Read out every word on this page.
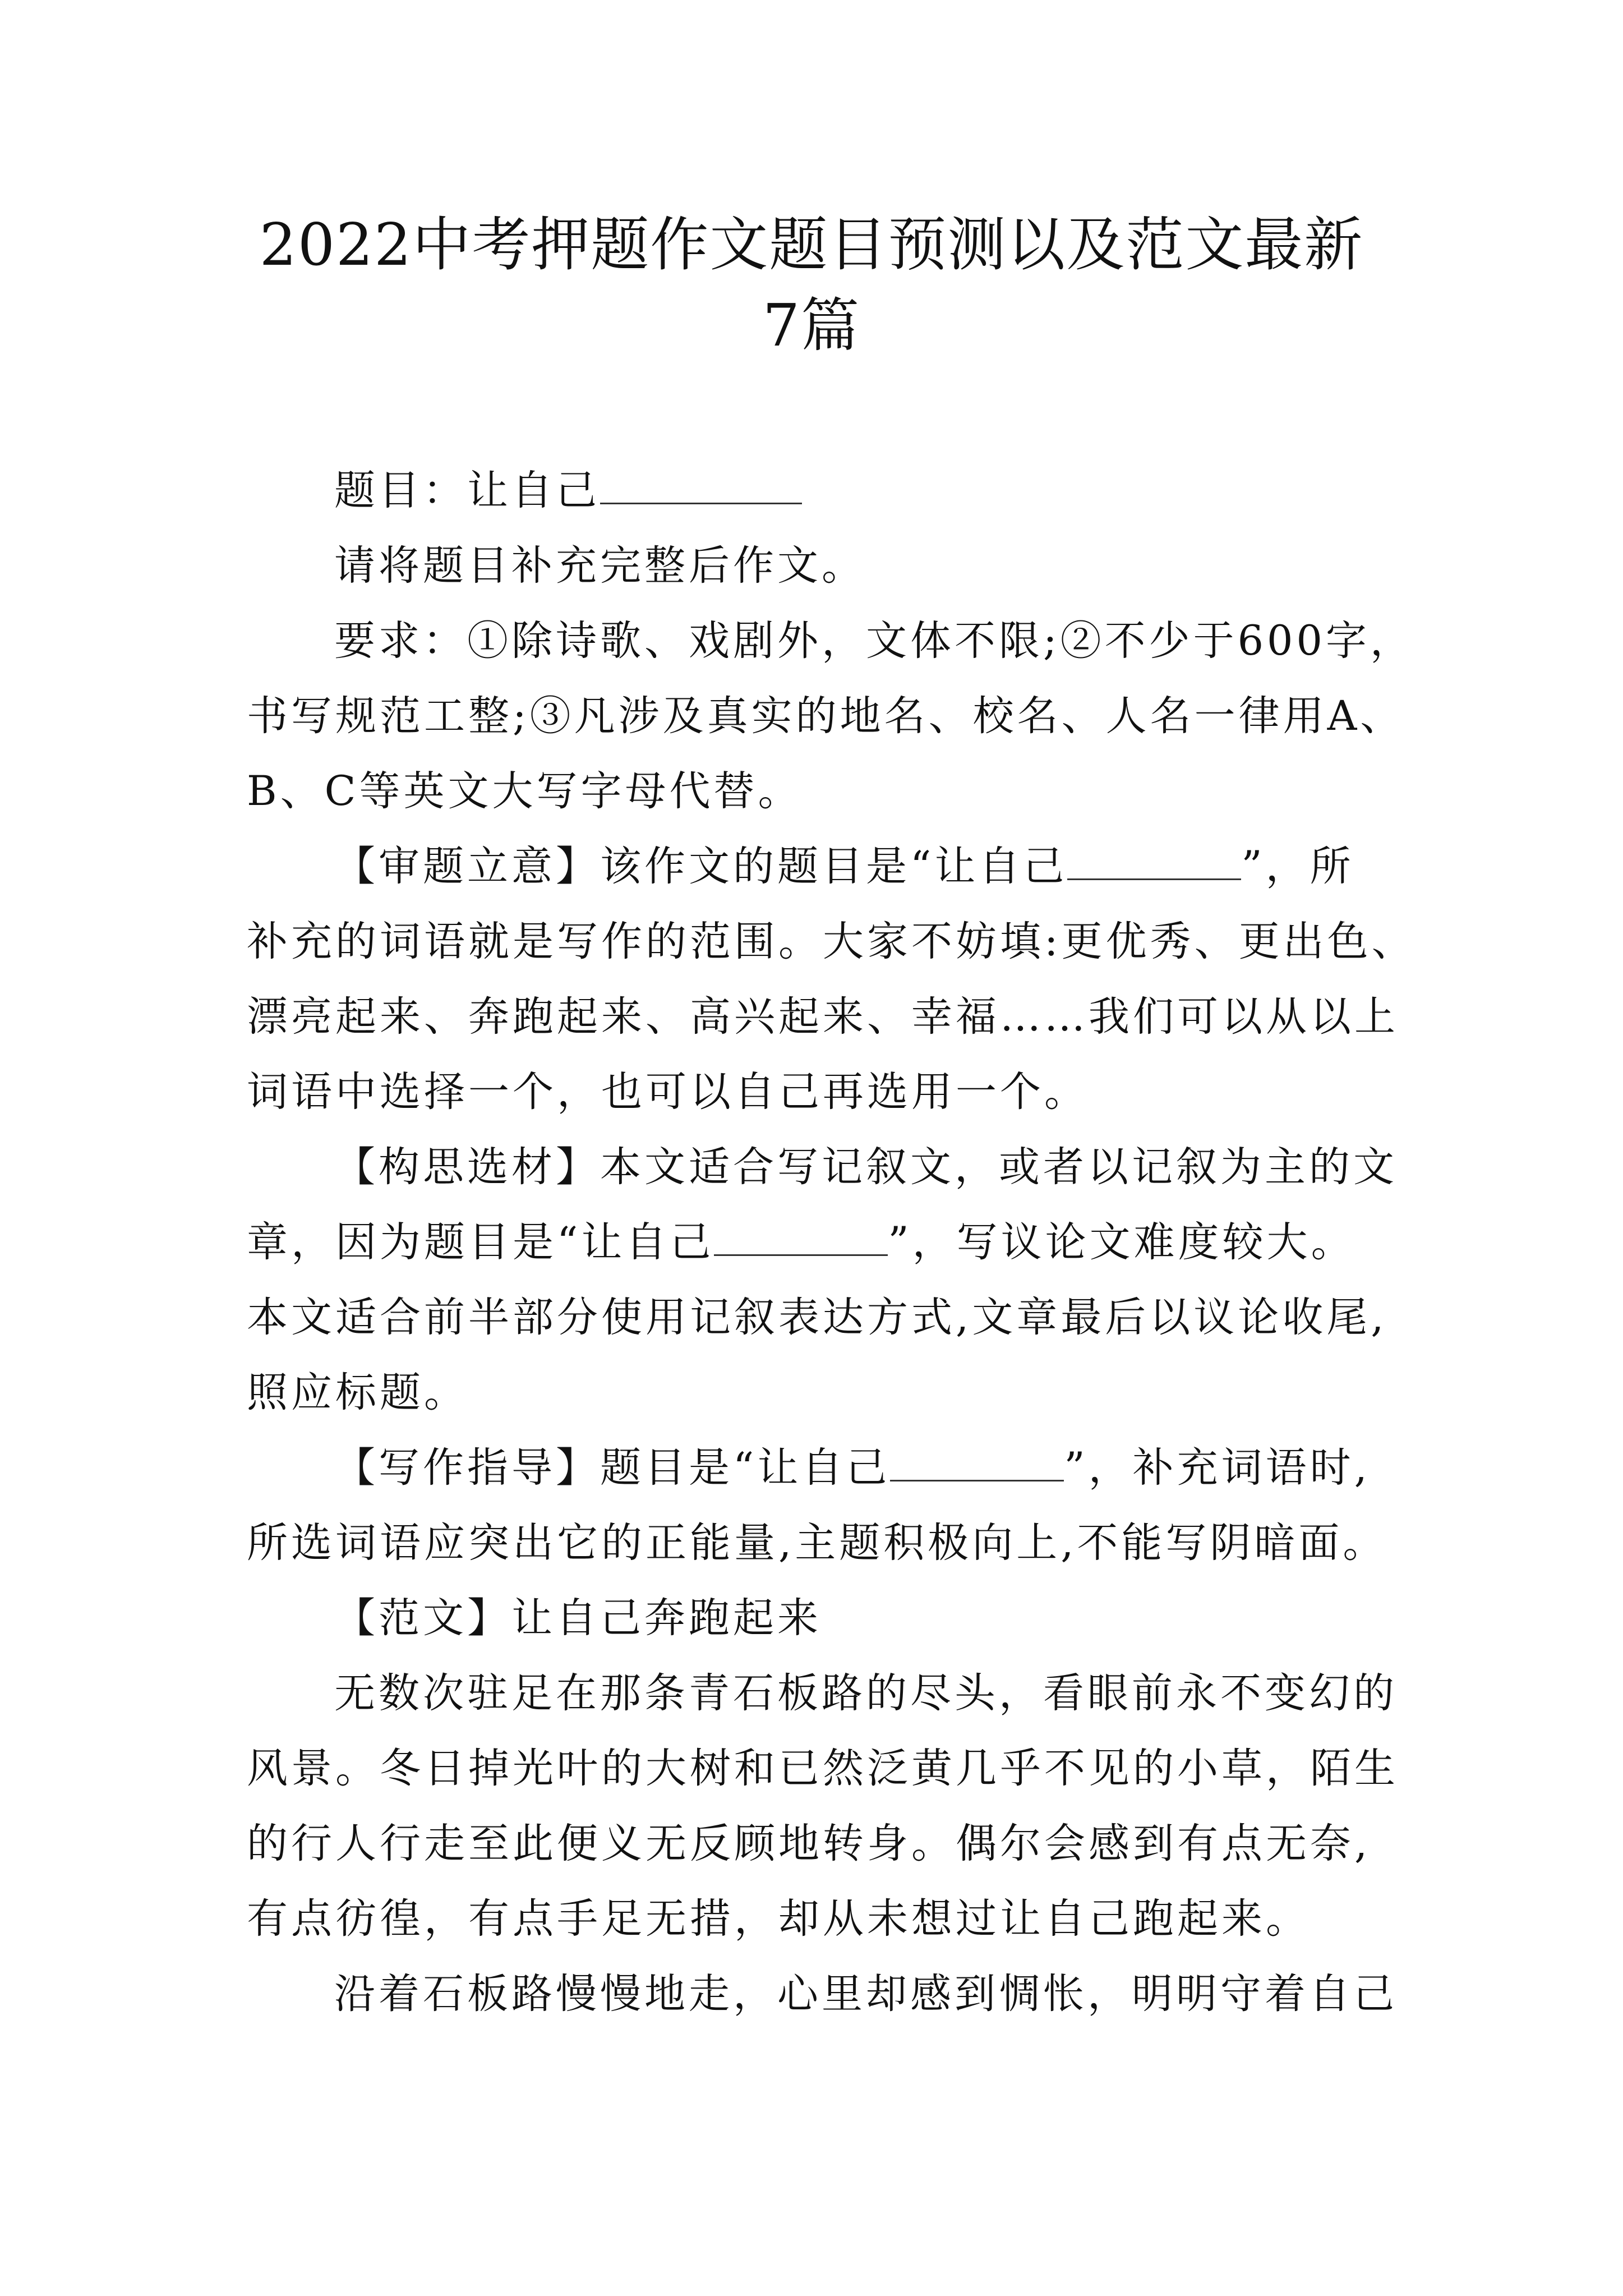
2022中考押题作文题目预测以及范文最新
7篇
题目：让自己
请将题目补充完整后作文。
要求：①除诗歌、戏剧外，文体不限;②不少于600字，
书写规范工整;③凡涉及真实的地名、校名、人名一律用A、
B、C等英文大写字母代替。
【审题立意】该作文的题目是“让自己	”，所
补充的词语就是写作的范围。大家不妨填:更优秀、更出色、
漂亮起来、奔跑起来、高兴起来、幸福……我们可以从以上
词语中选择一个，也可以自己再选用一个。
【构思选材】本文适合写记叙文，或者以记叙为主的文
章，因为题目是“让自己	”，写议论文难度较大。
本文适合前半部分使用记叙表达方式,文章最后以议论收尾,
照应标题。
【写作指导】题目是“让自己	”，补充词语时,
所选词语应突出它的正能量,主题积极向上,不能写阴暗面。
【范文】让自己奔跑起来
无数次驻足在那条青石板路的尽头，看眼前永不变幻的
风景。冬日掉光叶的大树和已然泛黄几乎不见的小草，陌生
的行人行走至此便义无反顾地转身。偶尔会感到有点无奈,
有点彷徨，有点手足无措，却从未想过让自己跑起来。
沿着石板路慢慢地走，心里却感到惆怅，明明守着自己
